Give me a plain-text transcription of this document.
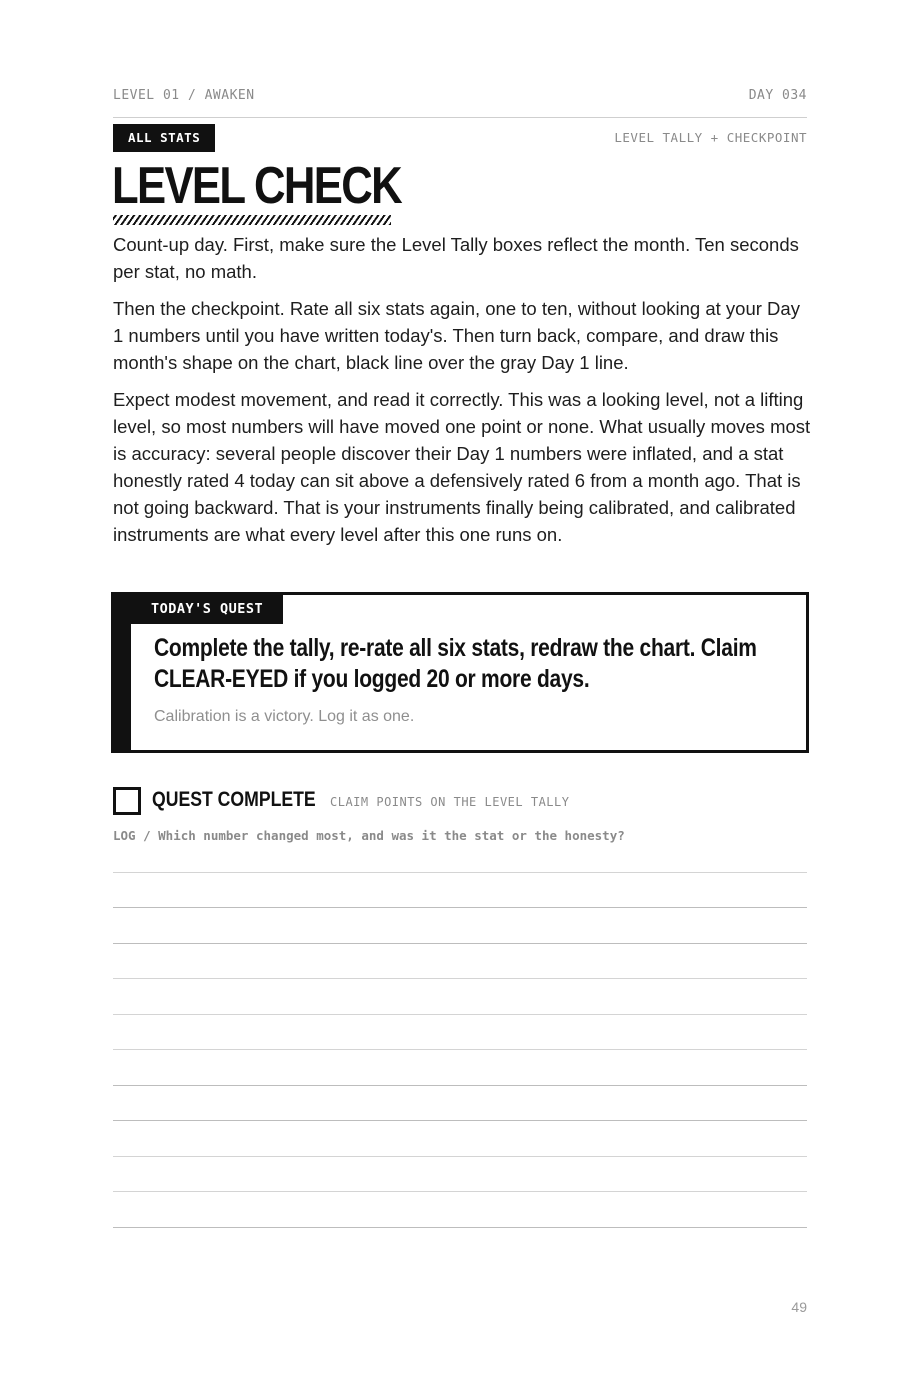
LEVEL 01 / AWAKEN	DAY 034
ALL STATS	LEVEL TALLY + CHECKPOINT
LEVEL CHECK

Count-up day. First, make sure the Level Tally boxes reflect the month. Ten seconds per stat, no math.

Then the checkpoint. Rate all six stats again, one to ten, without looking at your Day 1 numbers until you have written today's. Then turn back, compare, and draw this month's shape on the chart, black line over the gray Day 1 line.

Expect modest movement, and read it correctly. This was a looking level, not a lifting level, so most numbers will have moved one point or none. What usually moves most is accuracy: several people discover their Day 1 numbers were inflated, and a stat honestly rated 4 today can sit above a defensively rated 6 from a month ago. That is not going backward. That is your instruments finally being calibrated, and calibrated instruments are what every level after this one runs on.

TODAY'S QUEST

Complete the tally, re-rate all six stats, redraw the chart. Claim CLEAR-EYED if you logged 20 or more days.

Calibration is a victory. Log it as one.
QUEST COMPLETE CLAIM POINTS ON THE LEVEL TALLY
LOG / Which number changed most, and was it the stat or the honesty?
49
